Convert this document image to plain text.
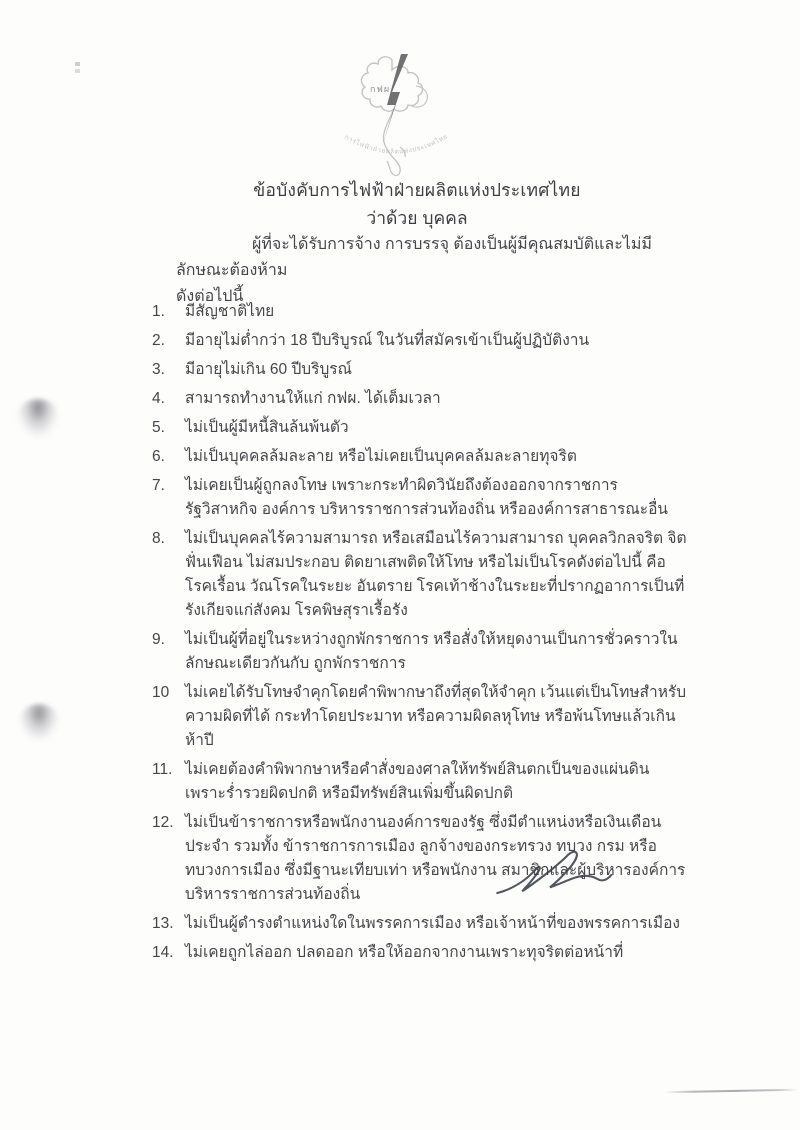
กฟผ
การไฟฟ้าฝ่ายผลิตแห่งประเทศไทย
ข้อบังคับการไฟฟ้าฝ่ายผลิตแห่งประเทศไทย
ว่าด้วย บุคคล
ผู้ที่จะได้รับการจ้าง การบรรจุ ต้องเป็นผู้มีคุณสมบัติและไม่มีลักษณะต้องห้าม
ดังต่อไปนี้
1.	มีสัญชาติไทย
2.	มีอายุไม่ต่ำกว่า 18 ปีบริบูรณ์ ในวันที่สมัครเข้าเป็นผู้ปฏิบัติงาน
3.	มีอายุไม่เกิน 60 ปีบริบูรณ์
4.	สามารถทำงานให้แก่ กฟผ. ได้เต็มเวลา
5.	ไม่เป็นผู้มีหนี้สินล้นพ้นตัว
6.	ไม่เป็นบุคคลล้มละลาย หรือไม่เคยเป็นบุคคลล้มละลายทุจริต
7.	ไม่เคยเป็นผู้ถูกลงโทษ เพราะกระทำผิดวินัยถึงต้องออกจากราชการ รัฐวิสาหกิจ องค์การ บริหารราชการส่วนท้องถิ่น หรือองค์การสาธารณะอื่น
8.	ไม่เป็นบุคคลไร้ความสามารถ หรือเสมือนไร้ความสามารถ บุคคลวิกลจริต จิตฟั่นเฟือน ไม่สมประกอบ ติดยาเสพติดให้โทษ หรือไม่เป็นโรคดังต่อไปนี้ คือ โรคเรื้อน วัณโรคในระยะ อันตราย โรคเท้าช้างในระยะที่ปรากฏอาการเป็นที่รังเกียจแก่สังคม โรคพิษสุราเรื้อรัง
9.	ไม่เป็นผู้ที่อยู่ในระหว่างถูกพักราชการ หรือสั่งให้หยุดงานเป็นการชั่วคราวในลักษณะเดียวกันกับ ถูกพักราชการ
10	ไม่เคยได้รับโทษจำคุกโดยคำพิพากษาถึงที่สุดให้จำคุก เว้นแต่เป็นโทษสำหรับความผิดที่ได้ กระทำโดยประมาท หรือความผิดลหุโทษ หรือพ้นโทษแล้วเกินห้าปี
11. ไม่เคยต้องคำพิพากษาหรือคำสั่งของศาลให้ทรัพย์สินตกเป็นของแผ่นดินเพราะร่ำรวยผิดปกติ หรือมีทรัพย์สินเพิ่มขึ้นผิดปกติ
12. ไม่เป็นข้าราชการหรือพนักงานองค์การของรัฐ ซึ่งมีตำแหน่งหรือเงินเดือนประจำ รวมทั้ง ข้าราชการการเมือง ลูกจ้างของกระทรวง ทบวง กรม หรือทบวงการเมือง ซึ่งมีฐานะเทียบเท่า หรือพนักงาน สมาชิกและผู้บริหารองค์การบริหารราชการส่วนท้องถิ่น
13. ไม่เป็นผู้ดำรงตำแหน่งใดในพรรคการเมือง หรือเจ้าหน้าที่ของพรรคการเมือง
14. ไม่เคยถูกไล่ออก ปลดออก หรือให้ออกจากงานเพราะทุจริตต่อหน้าที่
